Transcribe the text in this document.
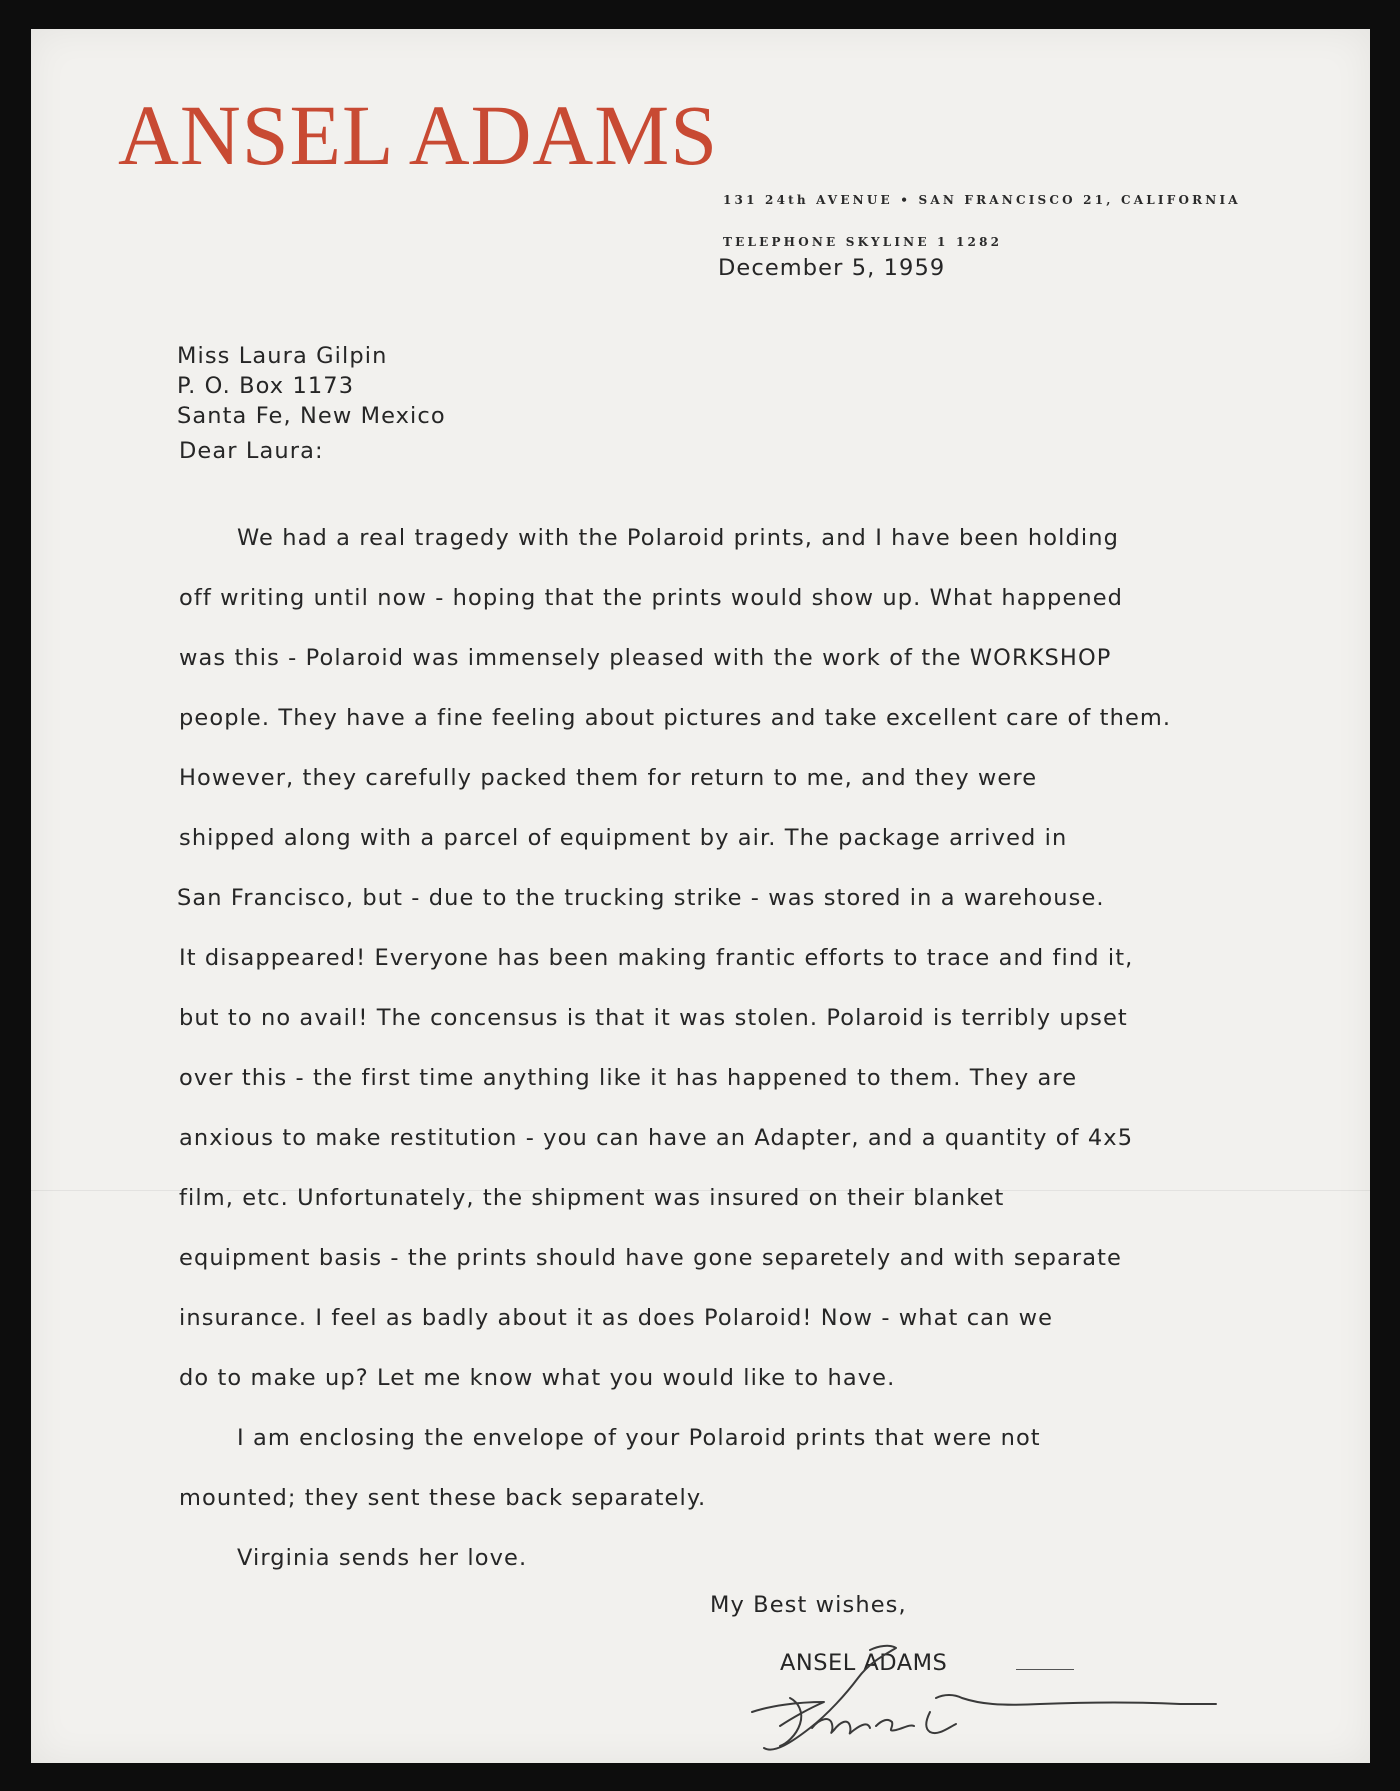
ANSEL ADAMS
131 24th AVENUE • SAN FRANCISCO 21, CALIFORNIA
TELEPHONE SKYLINE 1 1282
December 5, 1959
Miss Laura Gilpin
P. O. Box 1173
Santa Fe, New Mexico
Dear Laura:
We had a real tragedy with the Polaroid prints, and I have been holding
off writing until now - hoping that the prints would show up. What happened
was this - Polaroid was immensely pleased with the work of the WORKSHOP
people. They have a fine feeling about pictures and take excellent care of them.
However, they carefully packed them for return to me, and they were
shipped along with a parcel of equipment by air. The package arrived in
San Francisco, but - due to the trucking strike - was stored in a warehouse.
It disappeared! Everyone has been making frantic efforts to trace and find it,
but to no avail! The concensus is that it was stolen. Polaroid is terribly upset
over this - the first time anything like it has happened to them. They are
anxious to make restitution - you can have an Adapter, and a quantity of 4x5
film, etc. Unfortunately, the shipment was insured on their blanket
equipment basis - the prints should have gone separetely and with separate
insurance. I feel as badly about it as does Polaroid! Now - what can we
do to make up? Let me know what you would like to have.
I am enclosing the envelope of your Polaroid prints that were not
mounted; they sent these back separately.
Virginia sends her love.
My Best wishes,
ANSEL ADAMS
